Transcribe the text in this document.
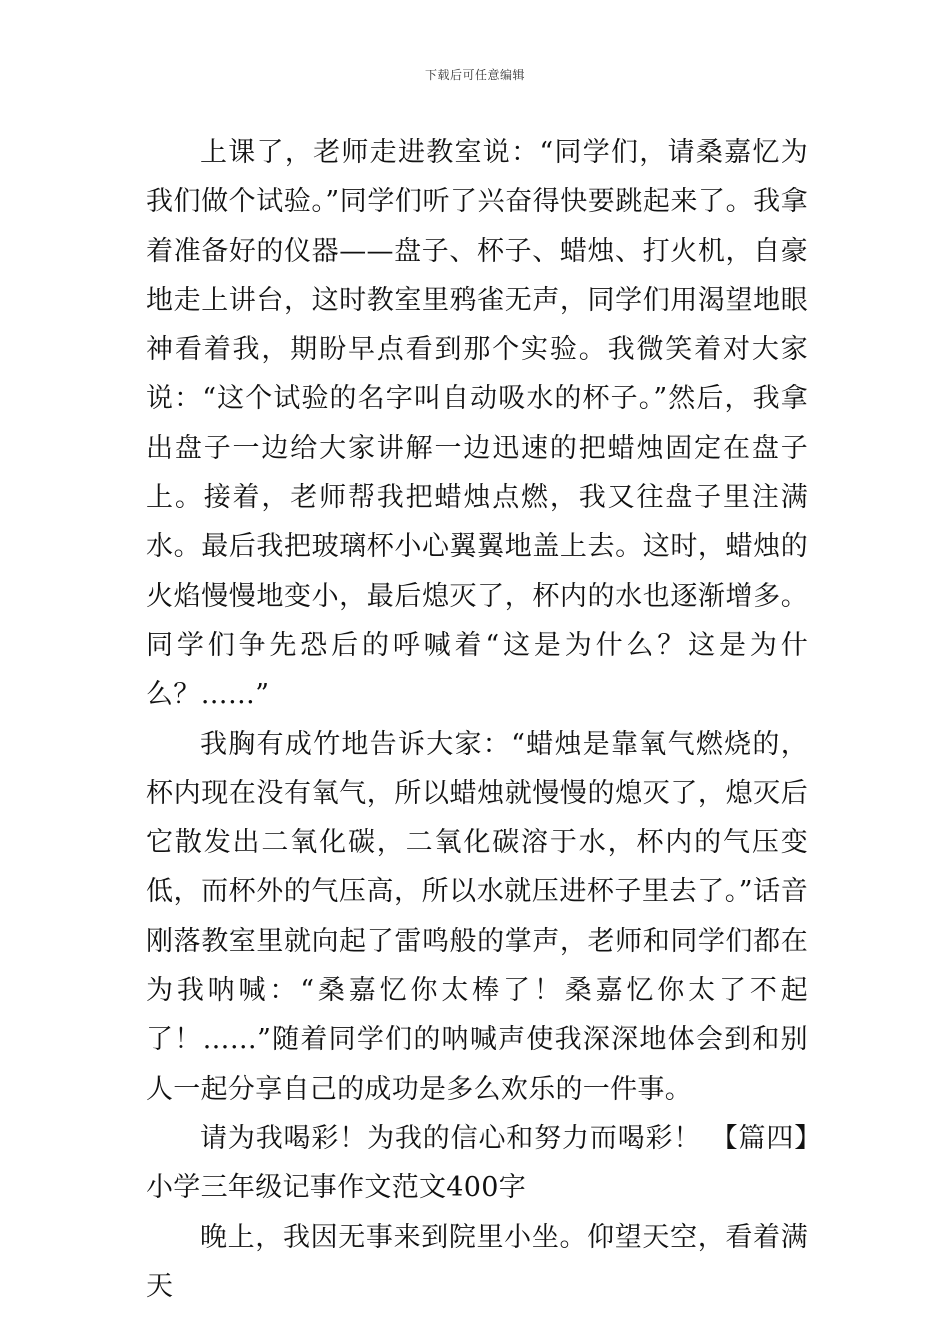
下载后可任意编辑

上课了，老师走进教室说：“同学们，请桑嘉忆为我们做个试验。”同学们听了兴奋得快要跳起来了。我拿着准备好的仪器——盘子、杯子、蜡烛、打火机，自豪地走上讲台，这时教室里鸦雀无声，同学们用渴望地眼神看着我，期盼早点看到那个实验。我微笑着对大家说：“这个试验的名字叫自动吸水的杯子。”然后，我拿出盘子一边给大家讲解一边迅速的把蜡烛固定在盘子上。接着，老师帮我把蜡烛点燃，我又往盘子里注满水。最后我把玻璃杯小心翼翼地盖上去。这时，蜡烛的火焰慢慢地变小，最后熄灭了，杯内的水也逐渐增多。同学们争先恐后的呼喊着“这是为什么？这是为什么？……”

我胸有成竹地告诉大家：“蜡烛是靠氧气燃烧的，杯内现在没有氧气，所以蜡烛就慢慢的熄灭了，熄灭后它散发出二氧化碳，二氧化碳溶于水，杯内的气压变低，而杯外的气压高，所以水就压进杯子里去了。”话音刚落教室里就向起了雷鸣般的掌声，老师和同学们都在为我呐喊：“桑嘉忆你太棒了！桑嘉忆你太了不起了！……”随着同学们的呐喊声使我深深地体会到和别人一起分享自己的成功是多么欢乐的一件事。

请为我喝彩！为我的信心和努力而喝彩！ 【篇四】小学三年级记事作文范文400字

晚上，我因无事来到院里小坐。仰望天空，看着满天
